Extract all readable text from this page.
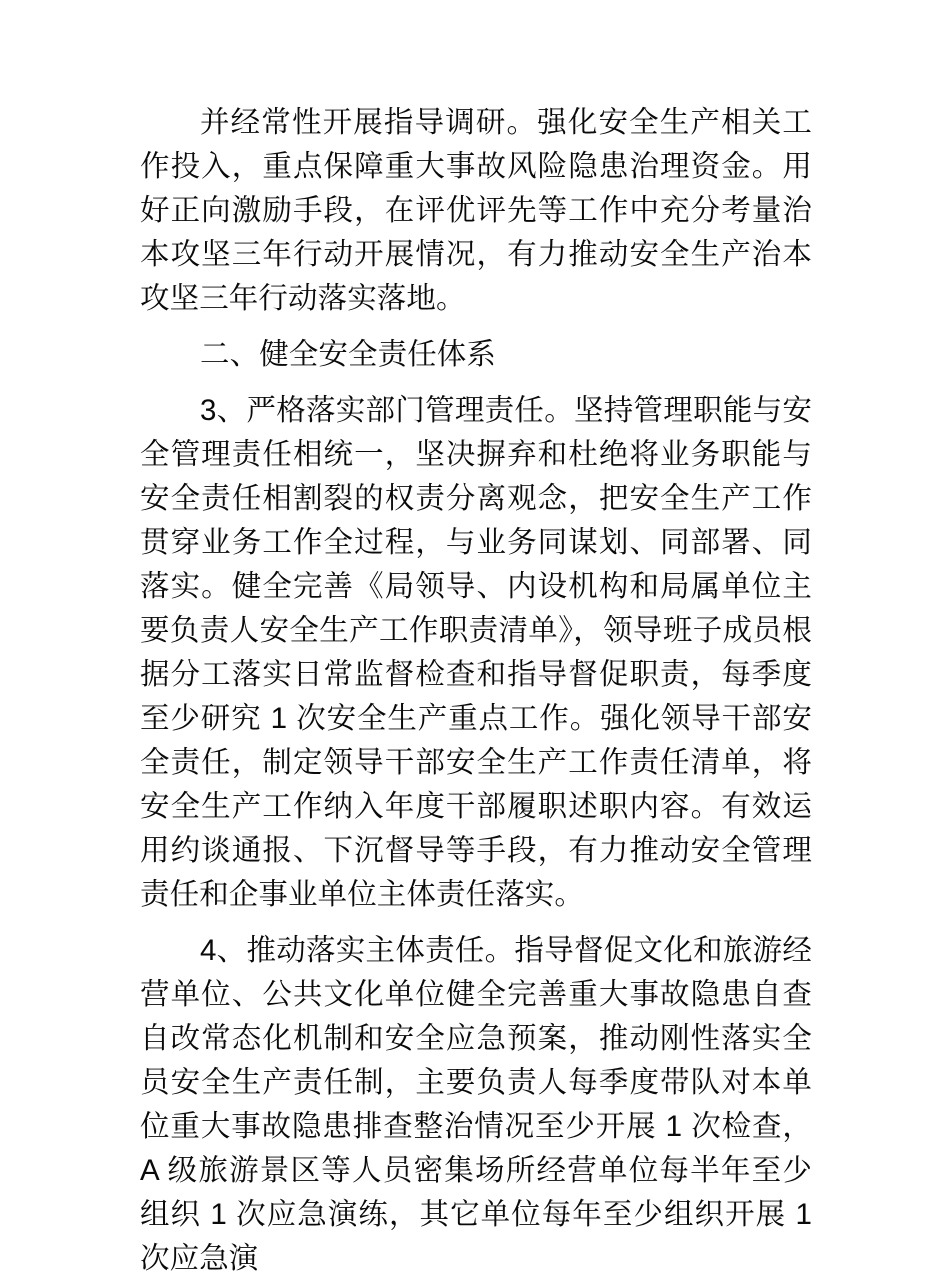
并经常性开展指导调研。强化安全生产相关工作投入，重点保障重大事故风险隐患治理资金。用好正向激励手段，在评优评先等工作中充分考量治本攻坚三年行动开展情况，有力推动安全生产治本攻坚三年行动落实落地。

二、健全安全责任体系

3、严格落实部门管理责任。坚持管理职能与安全管理责任相统一，坚决摒弃和杜绝将业务职能与安全责任相割裂的权责分离观念，把安全生产工作贯穿业务工作全过程，与业务同谋划、同部署、同落实。健全完善《局领导、内设机构和局属单位主要负责人安全生产工作职责清单》，领导班子成员根据分工落实日常监督检查和指导督促职责，每季度至少研究 1 次安全生产重点工作。强化领导干部安全责任，制定领导干部安全生产工作责任清单，将安全生产工作纳入年度干部履职述职内容。有效运用约谈通报、下沉督导等手段，有力推动安全管理责任和企事业单位主体责任落实。

4、推动落实主体责任。指导督促文化和旅游经营单位、公共文化单位健全完善重大事故隐患自查自改常态化机制和安全应急预案，推动刚性落实全员安全生产责任制，主要负责人每季度带队对本单位重大事故隐患排查整治情况至少开展 1 次检查，A 级旅游景区等人员密集场所经营单位每半年至少组织 1 次应急演练，其它单位每年至少组织开展 1 次应急演
